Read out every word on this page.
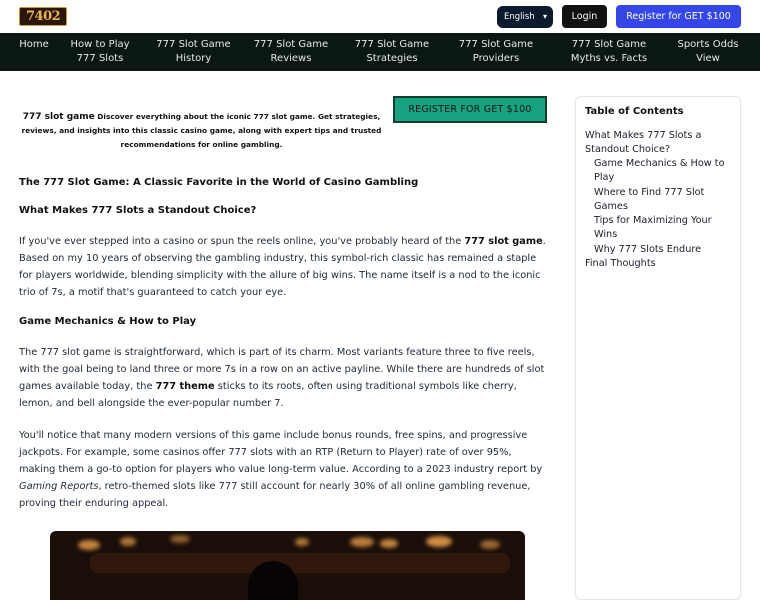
7402	English ▾	Login	Register for GET $100
Home How to Play 777 Slots
777 Slot Game History
777 Slot Game Reviews
777 Slot Game Strategies
777 Slot Game Providers
777 Slot Game Myths vs. Facts
Sports Odds View
777 slot game Discover everything about the iconic 777 slot game. Get strategies, reviews, and insights into this classic casino game, along with expert tips and trusted recommendations for online gambling.
REGISTER FOR GET $100
The 777 Slot Game: A Classic Favorite in the World of Casino Gambling
What Makes 777 Slots a Standout Choice?
If you've ever stepped into a casino or spun the reels online, you've probably heard of the 777 slot game. Based on my 10 years of observing the gambling industry, this symbol-rich classic has remained a staple for players worldwide, blending simplicity with the allure of big wins. The name itself is a nod to the iconic trio of 7s, a motif that's guaranteed to catch your eye.
Game Mechanics & How to Play
The 777 slot game is straightforward, which is part of its charm. Most variants feature three to five reels, with the goal being to land three or more 7s in a row on an active payline. While there are hundreds of slot games available today, the 777 theme sticks to its roots, often using traditional symbols like cherry, lemon, and bell alongside the ever-popular number 7.
You'll notice that many modern versions of this game include bonus rounds, free spins, and progressive jackpots. For example, some casinos offer 777 slots with an RTP (Return to Player) rate of over 95%, making them a go-to option for players who value long-term value. According to a 2023 industry report by Gaming Reports, retro-themed slots like 777 still account for nearly 30% of all online gambling revenue, proving their enduring appeal.
Table of Contents
What Makes 777 Slots a Standout Choice?
Game Mechanics & How to Play
Where to Find 777 Slot Games
Tips for Maximizing Your Wins
Why 777 Slots Endure
Final Thoughts
